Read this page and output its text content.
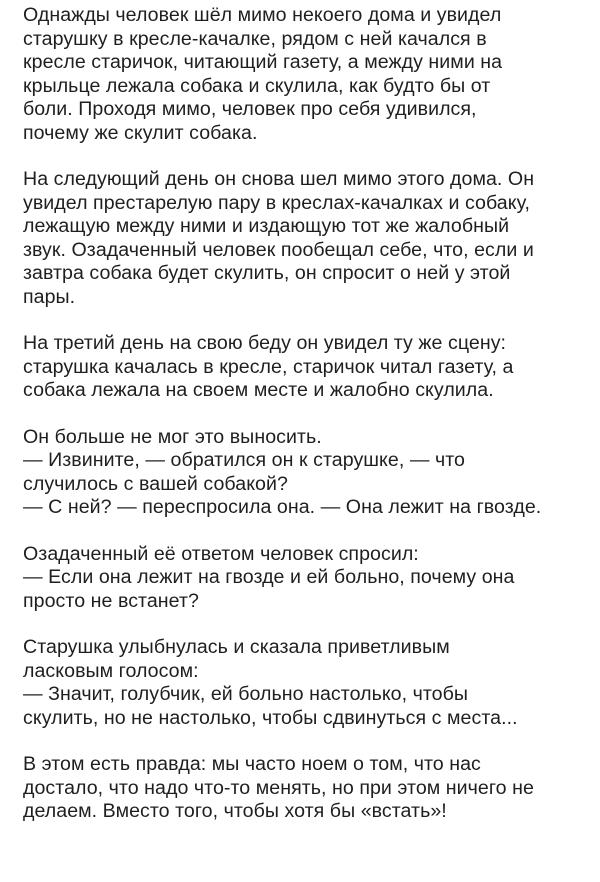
Однажды человек шёл мимо некоего дома и увидел
старушку в кресле-качалке, рядом с ней качался в
кресле старичок, читающий газету, а между ними на
крыльце лежала собака и скулила, как будто бы от
боли. Проходя мимо, человек про себя удивился,
почему же скулит собака.

На следующий день он снова шел мимо этого дома. Он
увидел престарелую пару в креслах-качалках и собаку,
лежащую между ними и издающую тот же жалобный
звук. Озадаченный человек пообещал себе, что, если и
завтра собака будет скулить, он спросит о ней у этой
пары.

На третий день на свою беду он увидел ту же сцену:
старушка качалась в кресле, старичок читал газету, а
собака лежала на своем месте и жалобно скулила.

Он больше не мог это выносить.
— Извините, — обратился он к старушке, — что
случилось с вашей собакой?
— С ней? — переспросила она. — Она лежит на гвозде.

Озадаченный её ответом человек спросил:
— Если она лежит на гвозде и ей больно, почему она
просто не встанет?

Старушка улыбнулась и сказала приветливым
ласковым голосом:
— Значит, голубчик, ей больно настолько, чтобы
скулить, но не настолько, чтобы сдвинуться с места...

В этом есть правда: мы часто ноем о том, что нас
достало, что надо что-то менять, но при этом ничего не
делаем. Вместо того, чтобы хотя бы «встать»!
